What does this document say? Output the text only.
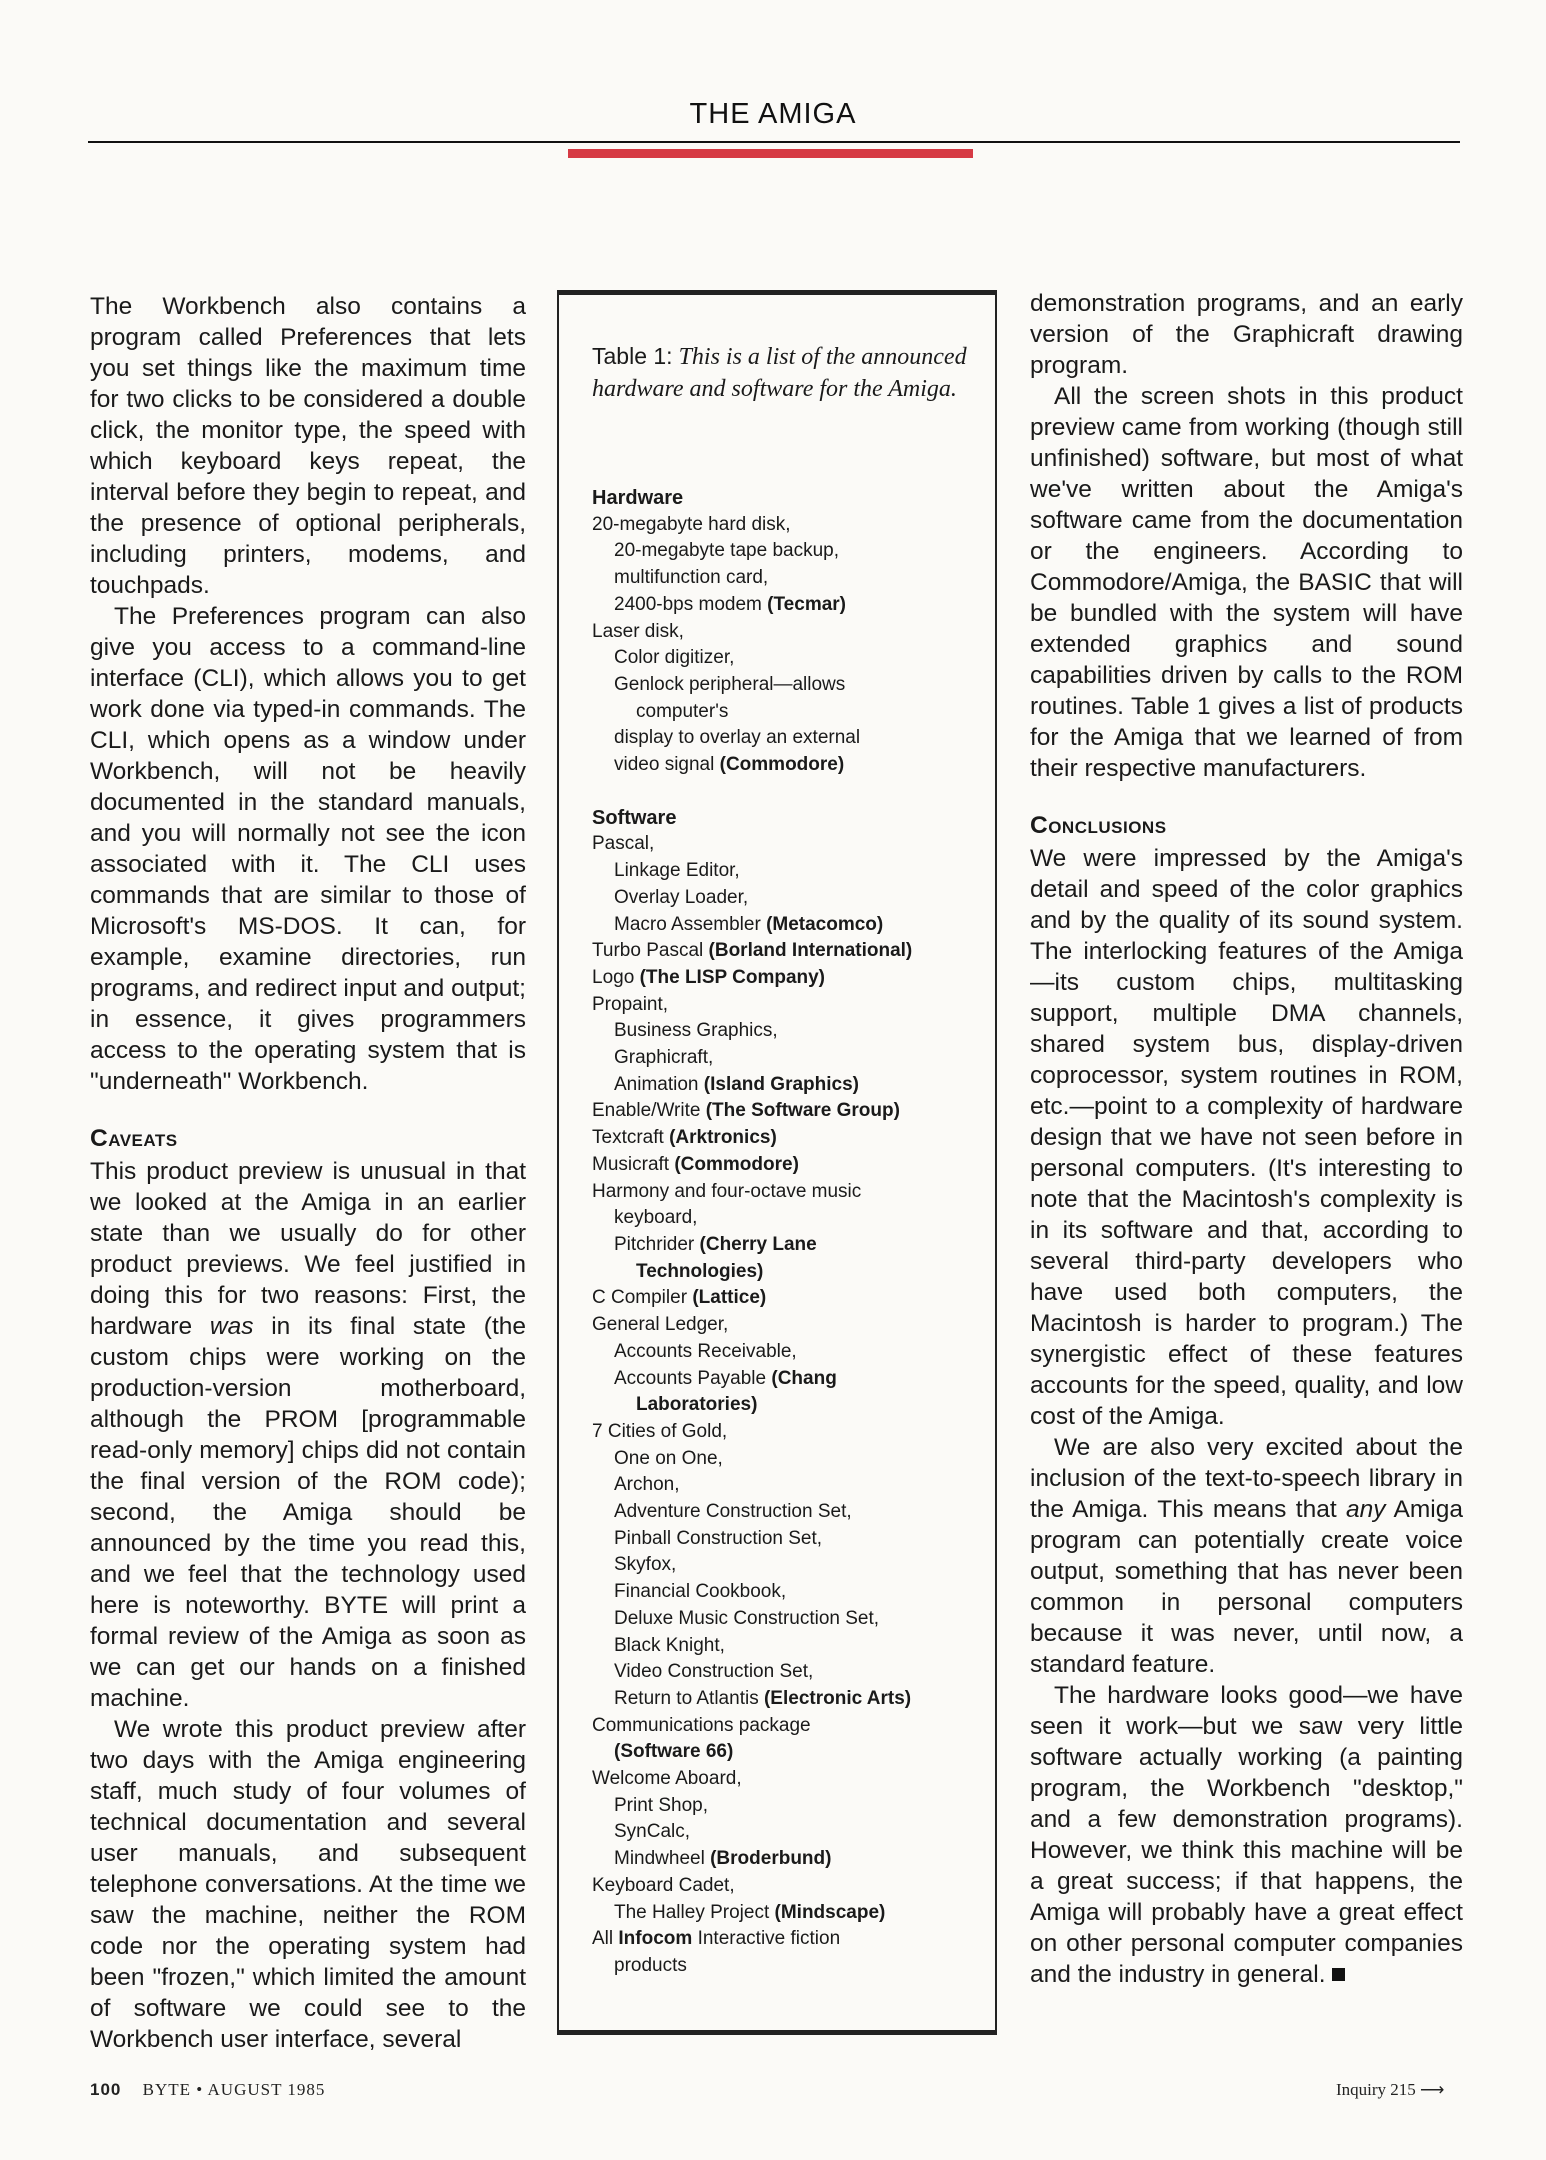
THE AMIGA

The Workbench also contains a program called Preferences that lets you set things like the maximum time for two clicks to be considered a double click, the monitor type, the speed with which keyboard keys repeat, the interval before they begin to repeat, and the presence of optional peripherals, including printers, modems, and touchpads.

The Preferences program can also give you access to a command-line interface (CLI), which allows you to get work done via typed-in commands. The CLI, which opens as a window under Workbench, will not be heavily documented in the standard manuals, and you will normally not see the icon associated with it. The CLI uses commands that are similar to those of Microsoft's MS-DOS. It can, for example, examine directories, run programs, and redirect input and output; in essence, it gives programmers access to the operating system that is "underneath" Workbench.

Caveats

This product preview is unusual in that we looked at the Amiga in an earlier state than we usually do for other product previews. We feel justified in doing this for two reasons: First, the hardware was in its final state (the custom chips were working on the production-version motherboard, although the PROM [programmable read-only memory] chips did not contain the final version of the ROM code); second, the Amiga should be announced by the time you read this, and we feel that the technology used here is noteworthy. BYTE will print a formal review of the Amiga as soon as we can get our hands on a finished machine.

We wrote this product preview after two days with the Amiga engineering staff, much study of four volumes of technical documentation and several user manuals, and subsequent telephone conversations. At the time we saw the machine, neither the ROM code nor the operating system had been "frozen," which limited the amount of software we could see to the Workbench user interface, several

Table 1: This is a list of the announced hardware and software for the Amiga.
Hardware
20-megabyte hard disk,
20-megabyte tape backup,
multifunction card,
2400-bps modem (Tecmar)
Laser disk,
Color digitizer,
Genlock peripheral—allows
computer's
display to overlay an external
video signal (Commodore)
Software
Pascal,
Linkage Editor,
Overlay Loader,
Macro Assembler (Metacomco)
Turbo Pascal (Borland International)
Logo (The LISP Company)
Propaint,
Business Graphics,
Graphicraft,
Animation (Island Graphics)
Enable/Write (The Software Group)
Textcraft (Arktronics)
Musicraft (Commodore)
Harmony and four-octave music
keyboard,
Pitchrider (Cherry Lane
Technologies)
C Compiler (Lattice)
General Ledger,
Accounts Receivable,
Accounts Payable (Chang
Laboratories)
7 Cities of Gold,
One on One,
Archon,
Adventure Construction Set,
Pinball Construction Set,
Skyfox,
Financial Cookbook,
Deluxe Music Construction Set,
Black Knight,
Video Construction Set,
Return to Atlantis (Electronic Arts)
Communications package
(Software 66)
Welcome Aboard,
Print Shop,
SynCalc,
Mindwheel (Broderbund)
Keyboard Cadet,
The Halley Project (Mindscape)
All Infocom Interactive fiction
products

demonstration programs, and an early version of the Graphicraft drawing program.

All the screen shots in this product preview came from working (though still unfinished) software, but most of what we've written about the Amiga's software came from the documentation or the engineers. According to Commodore/Amiga, the BASIC that will be bundled with the system will have extended graphics and sound capabilities driven by calls to the ROM routines. Table 1 gives a list of products for the Amiga that we learned of from their respective manufacturers.

Conclusions

We were impressed by the Amiga's detail and speed of the color graphics and by the quality of its sound system. The interlocking features of the Amiga—its custom chips, multitasking support, multiple DMA channels, shared system bus, display-driven coprocessor, system routines in ROM, etc.—point to a complexity of hardware design that we have not seen before in personal computers. (It's interesting to note that the Macintosh's complexity is in its software and that, according to several third-party developers who have used both computers, the Macintosh is harder to program.) The synergistic effect of these features accounts for the speed, quality, and low cost of the Amiga.

We are also very excited about the inclusion of the text-to-speech library in the Amiga. This means that any Amiga program can potentially create voice output, something that has never been common in personal computers because it was never, until now, a standard feature.

The hardware looks good—we have seen it work—but we saw very little software actually working (a painting program, the Workbench "desktop," and a few demonstration programs). However, we think this machine will be a great success; if that happens, the Amiga will probably have a great effect on other personal computer companies and the industry in general.

100 BYTE • AUGUST 1985	Inquiry 215 ⟶
